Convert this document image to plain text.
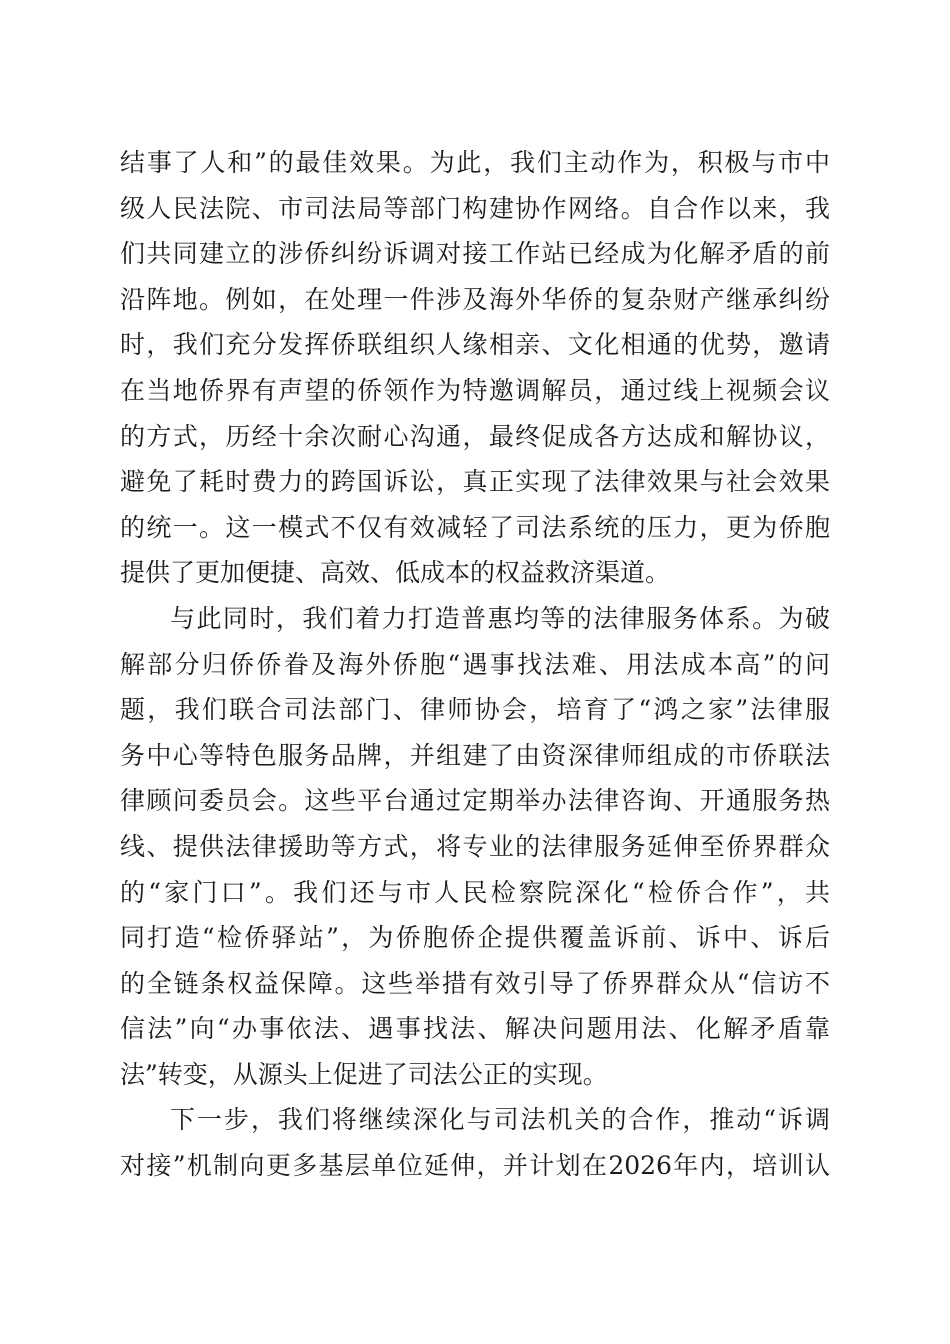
结事了人和”的最佳效果。为此，我们主动作为，积极与市中
级人民法院、市司法局等部门构建协作网络。自合作以来，我
们共同建立的涉侨纠纷诉调对接工作站已经成为化解矛盾的前
沿阵地。例如，在处理一件涉及海外华侨的复杂财产继承纠纷
时，我们充分发挥侨联组织人缘相亲、文化相通的优势，邀请
在当地侨界有声望的侨领作为特邀调解员，通过线上视频会议
的方式，历经十余次耐心沟通，最终促成各方达成和解协议，
避免了耗时费力的跨国诉讼，真正实现了法律效果与社会效果
的统一。这一模式不仅有效减轻了司法系统的压力，更为侨胞
提供了更加便捷、高效、低成本的权益救济渠道。
与此同时，我们着力打造普惠均等的法律服务体系。为破
解部分归侨侨眷及海外侨胞“遇事找法难、用法成本高”的问
题，我们联合司法部门、律师协会，培育了“鸿之家”法律服
务中心等特色服务品牌，并组建了由资深律师组成的市侨联法
律顾问委员会。这些平台通过定期举办法律咨询、开通服务热
线、提供法律援助等方式，将专业的法律服务延伸至侨界群众
的“家门口”。我们还与市人民检察院深化“检侨合作”，共
同打造“检侨驿站”，为侨胞侨企提供覆盖诉前、诉中、诉后
的全链条权益保障。这些举措有效引导了侨界群众从“信访不
信法”向“办事依法、遇事找法、解决问题用法、化解矛盾靠
法”转变，从源头上促进了司法公正的实现。
下一步，我们将继续深化与司法机关的合作，推动“诉调
对接”机制向更多基层单位延伸，并计划在2026年内，培训认
